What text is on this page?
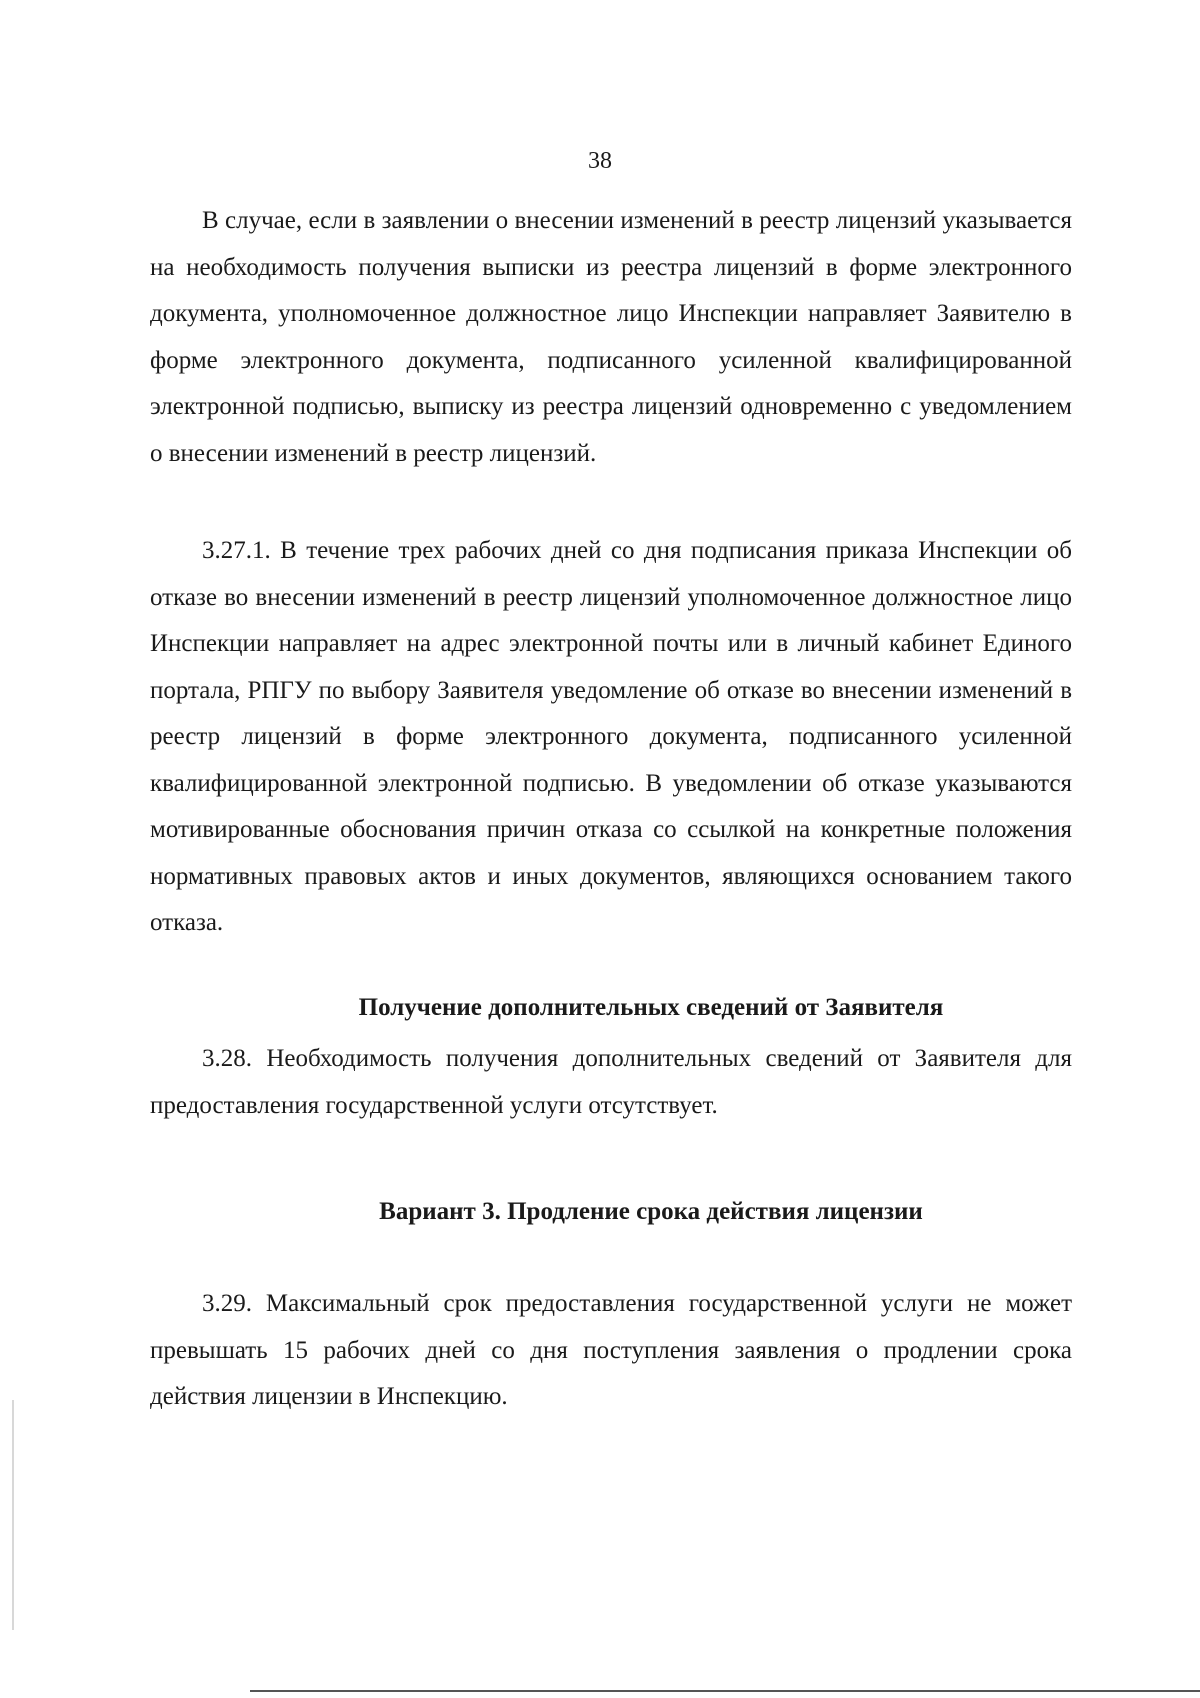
38

В случае, если в заявлении о внесении изменений в реестр лицензий указывается на необходимость получения выписки из реестра лицензий в форме электронного документа, уполномоченное должностное лицо Инспекции направляет Заявителю в форме электронного документа, подписанного усиленной квалифицированной электронной подписью, выписку из реестра лицензий одновременно с уведомлением о внесении изменений в реестр лицензий.

3.27.1. В течение трех рабочих дней со дня подписания приказа Инспекции об отказе во внесении изменений в реестр лицензий уполномоченное должностное лицо Инспекции направляет на адрес электронной почты или в личный кабинет Единого портала, РПГУ по выбору Заявителя уведомление об отказе во внесении изменений в реестр лицензий в форме электронного документа, подписанного усиленной квалифицированной электронной подписью. В уведомлении об отказе указываются мотивированные обоснования причин отказа со ссылкой на конкретные положения нормативных правовых актов и иных документов, являющихся основанием такого отказа.

Получение дополнительных сведений от Заявителя

3.28. Необходимость получения дополнительных сведений от Заявителя для предоставления государственной услуги отсутствует.

Вариант 3. Продление срока действия лицензии

3.29. Максимальный срок предоставления государственной услуги не может превышать 15 рабочих дней со дня поступления заявления о продлении срока действия лицензии в Инспекцию.
